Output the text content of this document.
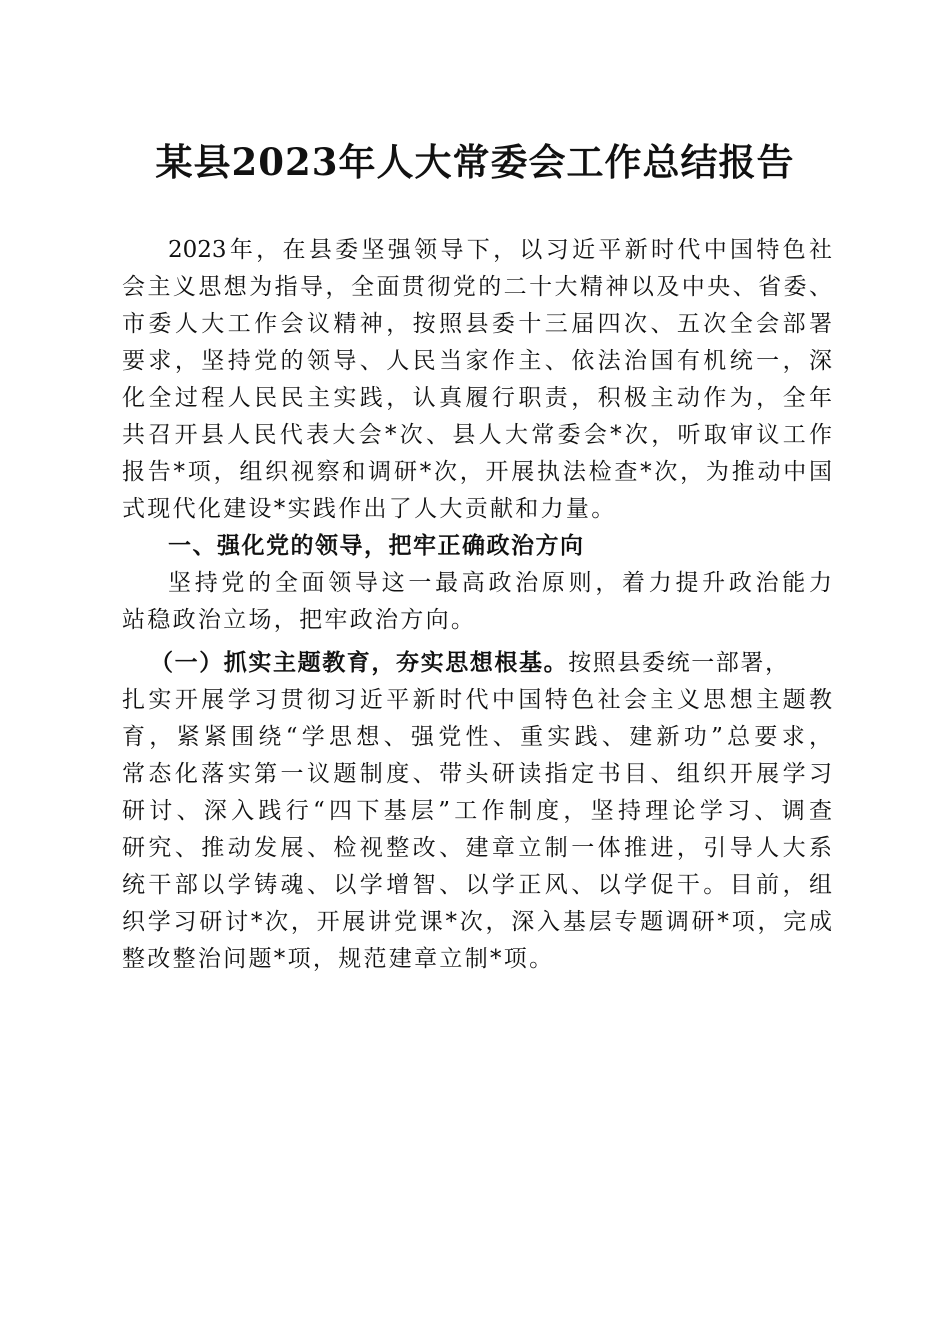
某县2023年人大常委会工作总结报告

2023年，在县委坚强领导下，以习近平新时代中国特色社

会主义思想为指导，全面贯彻党的二十大精神以及中央、省委、

市委人大工作会议精神，按照县委十三届四次、五次全会部署

要求，坚持党的领导、人民当家作主、依法治国有机统一，深

化全过程人民民主实践，认真履行职责，积极主动作为，全年

共召开县人民代表大会*次、县人大常委会*次，听取审议工作

报告*项，组织视察和调研*次，开展执法检查*次，为推动中国

式现代化建设*实践作出了人大贡献和力量。

一、强化党的领导，把牢正确政治方向

坚持党的全面领导这一最高政治原则，着力提升政治能力

站稳政治立场，把牢政治方向。

（一）抓实主题教育，夯实思想根基。按照县委统一部署，

扎实开展学习贯彻习近平新时代中国特色社会主义思想主题教

育，紧紧围绕“学思想、强党性、重实践、建新功”总要求，

常态化落实第一议题制度、带头研读指定书目、组织开展学习

研讨、深入践行“四下基层”工作制度，坚持理论学习、调查

研究、推动发展、检视整改、建章立制一体推进，引导人大系

统干部以学铸魂、以学增智、以学正风、以学促干。目前，组

织学习研讨*次，开展讲党课*次，深入基层专题调研*项，完成

整改整治问题*项，规范建章立制*项。
